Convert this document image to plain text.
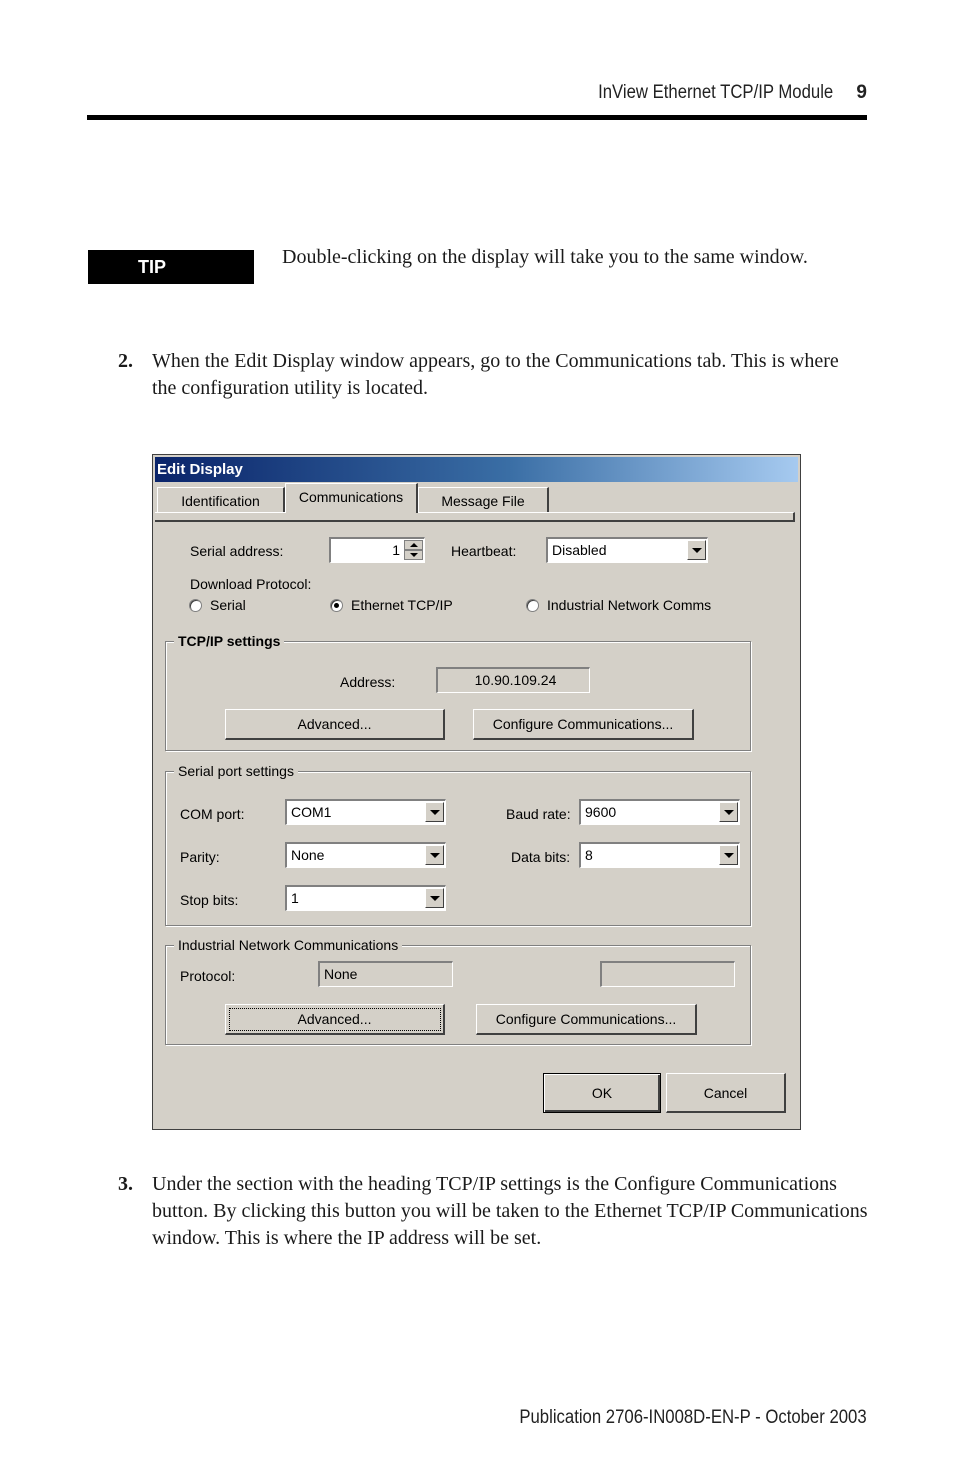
InView Ethernet TCP/IP Module 9
TIP	Double-clicking on the display will take you to the same window.
2. When the Edit Display window appears, go to the Communications tab. This is where the configuration utility is located.
Edit Display
Identification	Communications	Message File
Serial address:	1	Heartbeat:	Disabled
Download Protocol:
Serial	Ethernet TCP/IP	Industrial Network Comms
TCP/IP settings
Address:	10.90.109.24
Advanced...	Configure Communications...
Serial port settings
COM port:	COM1	Baud rate:	9600
Parity:	None	Data bits:	8
Stop bits:	1
Industrial Network Communications
Protocol:	None
Advanced...	Configure Communications...
OK	Cancel
3. Under the section with the heading TCP/IP settings is the Configure Communications button. By clicking this button you will be taken to the Ethernet TCP/IP Communications window. This is where the IP address will be set.
Publication 2706-IN008D-EN-P - October 2003
